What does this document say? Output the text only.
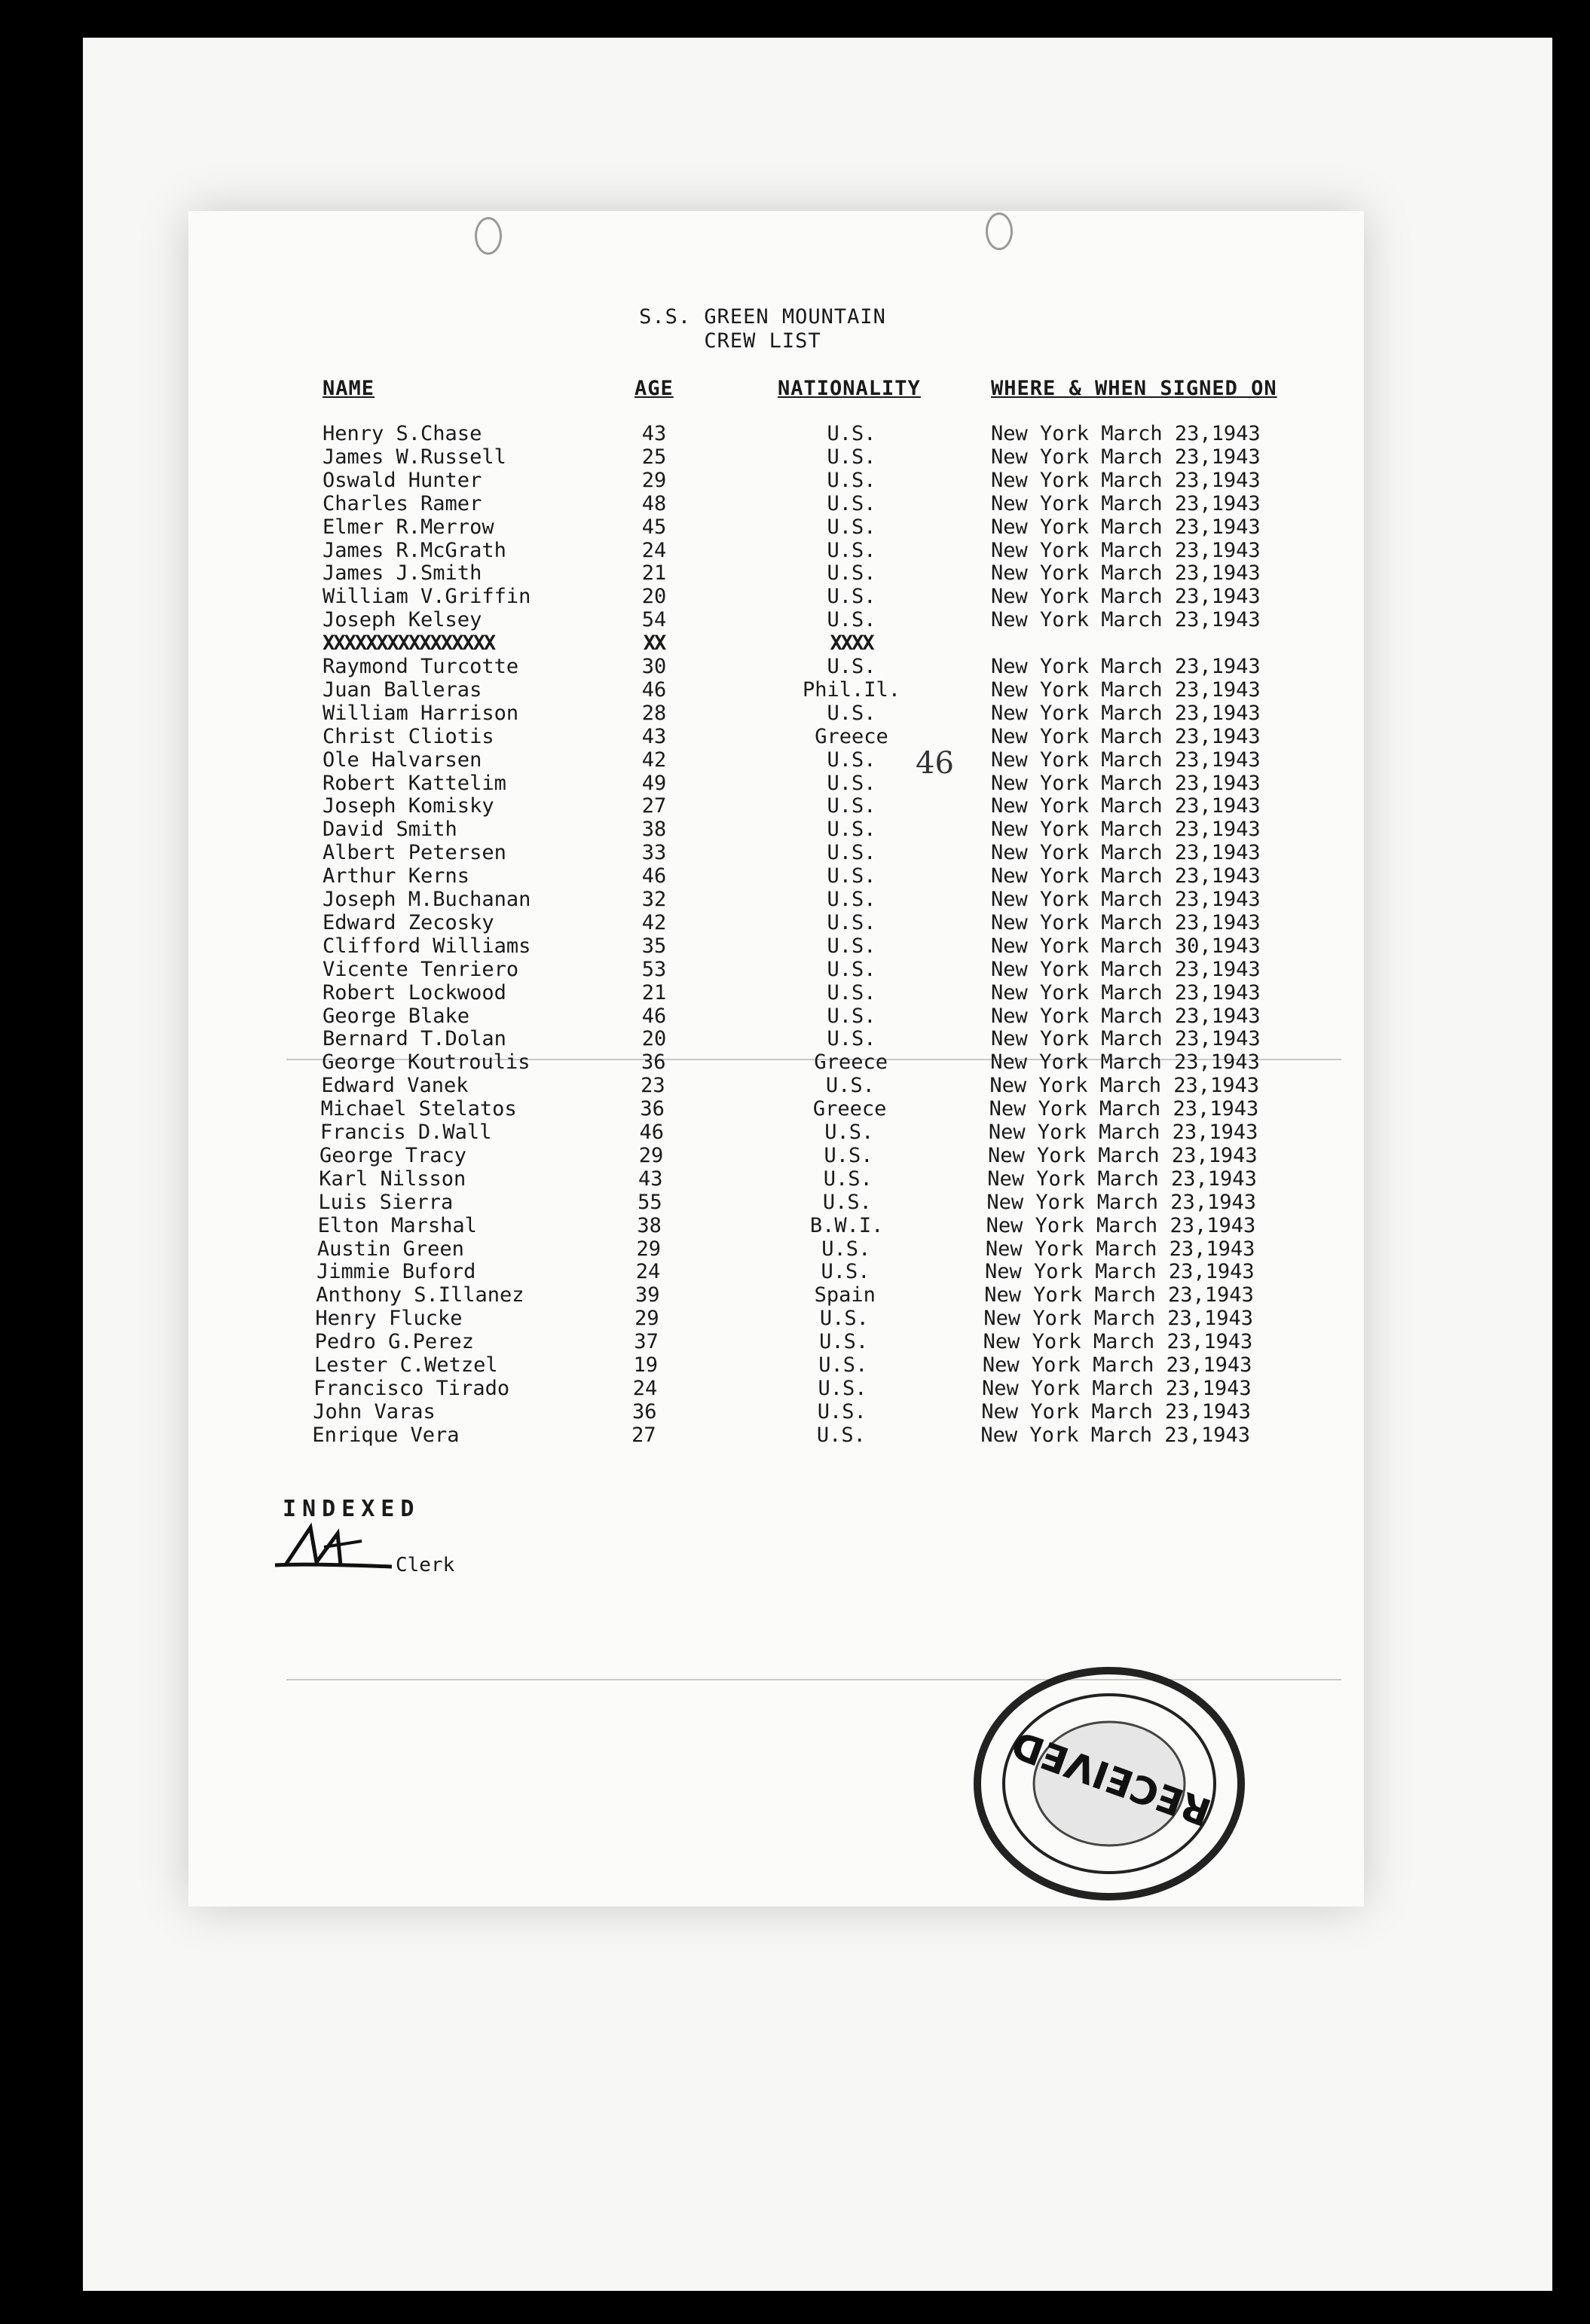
S.S. GREEN MOUNTAIN
CREW LIST
NAME	AGE	NATIONALITY	WHERE & WHEN SIGNED ON
46
Henry S.Chase	43	U.S.	New York March 23,1943
James W.Russell	25	U.S.	New York March 23,1943
Oswald Hunter	29	U.S.	New York March 23,1943
Charles Ramer	48	U.S.	New York March 23,1943
Elmer R.Merrow	45	U.S.	New York March 23,1943
James R.McGrath	24	U.S.	New York March 23,1943
James J.Smith	21	U.S.	New York March 23,1943
William V.Griffin	20	U.S.	New York March 23,1943
Joseph Kelsey	54	U.S.	New York March 23,1943
XXXXXXXXXXXXXXXX	XX	XXXX
Raymond Turcotte	30	U.S.	New York March 23,1943
Juan Balleras	46	Phil.Il.	New York March 23,1943
William Harrison	28	U.S.	New York March 23,1943
Christ Cliotis	43	Greece	New York March 23,1943
Ole Halvarsen	42	U.S.	New York March 23,1943
Robert Kattelim	49	U.S.	New York March 23,1943
Joseph Komisky	27	U.S.	New York March 23,1943
David Smith	38	U.S.	New York March 23,1943
Albert Petersen	33	U.S.	New York March 23,1943
Arthur Kerns	46	U.S.	New York March 23,1943
Joseph M.Buchanan	32	U.S.	New York March 23,1943
Edward Zecosky	42	U.S.	New York March 23,1943
Clifford Williams	35	U.S.	New York March 30,1943
Vicente Tenriero	53	U.S.	New York March 23,1943
Robert Lockwood	21	U.S.	New York March 23,1943
George Blake	46	U.S.	New York March 23,1943
Bernard T.Dolan	20	U.S.	New York March 23,1943
George Koutroulis	36	Greece	New York March 23,1943
Edward Vanek	23	U.S.	New York March 23,1943
Michael Stelatos	36	Greece	New York March 23,1943
Francis D.Wall	46	U.S.	New York March 23,1943
George Tracy	29	U.S.	New York March 23,1943
Karl Nilsson	43	U.S.	New York March 23,1943
Luis Sierra	55	U.S.	New York March 23,1943
Elton Marshal	38	B.W.I.	New York March 23,1943
Austin Green	29	U.S.	New York March 23,1943
Jimmie Buford	24	U.S.	New York March 23,1943
Anthony S.Illanez	39	Spain	New York March 23,1943
Henry Flucke	29	U.S.	New York March 23,1943
Pedro G.Perez	37	U.S.	New York March 23,1943
Lester C.Wetzel	19	U.S.	New York March 23,1943
Francisco Tirado	24	U.S.	New York March 23,1943
John Varas	36	U.S.	New York March 23,1943
Enrique Vera	27	U.S.	New York March 23,1943
INDEXED
Clerk
RECEIVED
